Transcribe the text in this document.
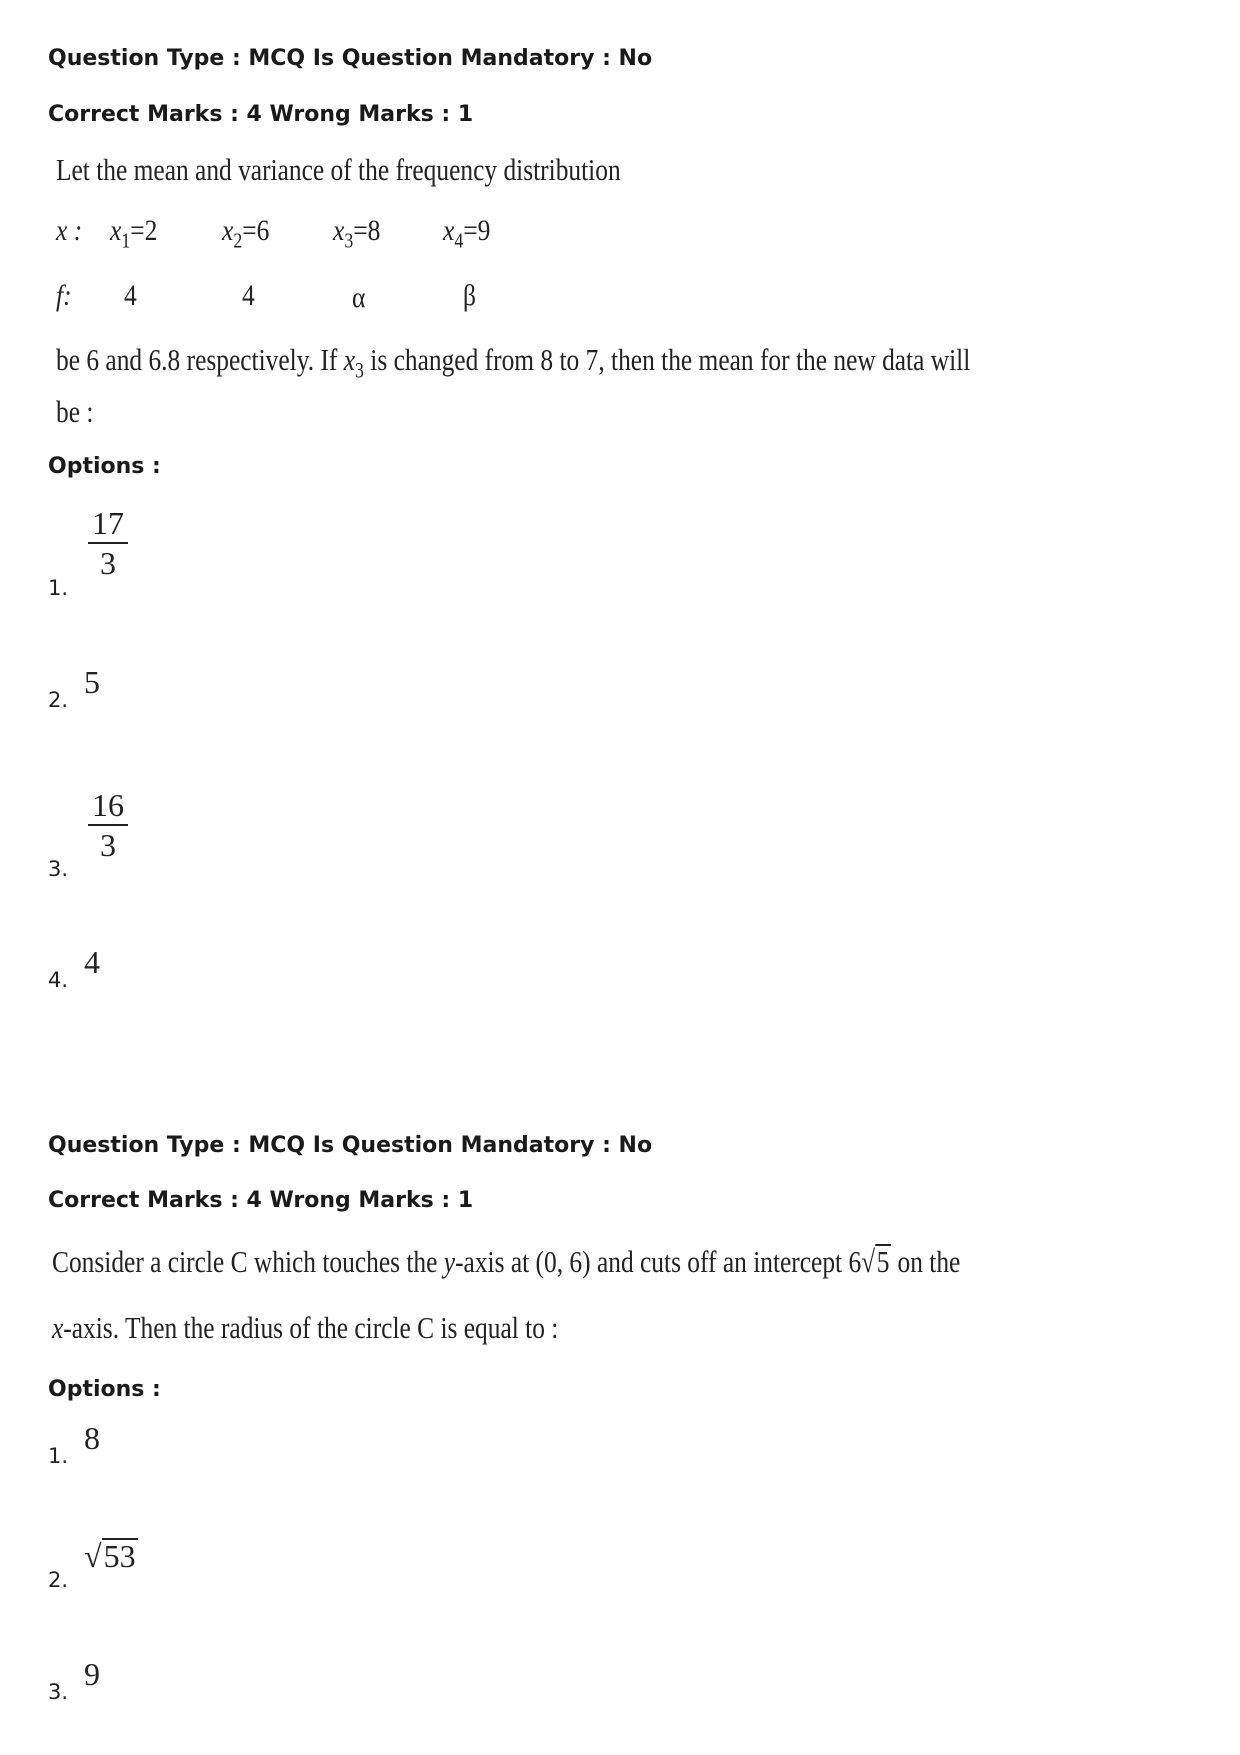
Question Type : MCQ Is Question Mandatory : No
Correct Marks : 4 Wrong Marks : 1
Let the mean and variance of the frequency distribution
x : $x_1=2$ $x_2=6$ $x_3=8$ $x_4=9$
f: 4	4	α	β
be 6 and 6.8 respectively. If $x_3$ is changed from 8 to 7, then the mean for the new data will
be :
Options :
1.
$\frac{17}{3}$
2. 5
3.
$\frac{16}{3}$
4. 4
Question Type : MCQ Is Question Mandatory : No
Correct Marks : 4 Wrong Marks : 1
Consider a circle C which touches the y-axis at (0, 6) and cuts off an intercept 6√ 5 on the
x-axis. Then the radius of the circle C is equal to :
Options :
1. 8
2.
√ 53
3. 9
